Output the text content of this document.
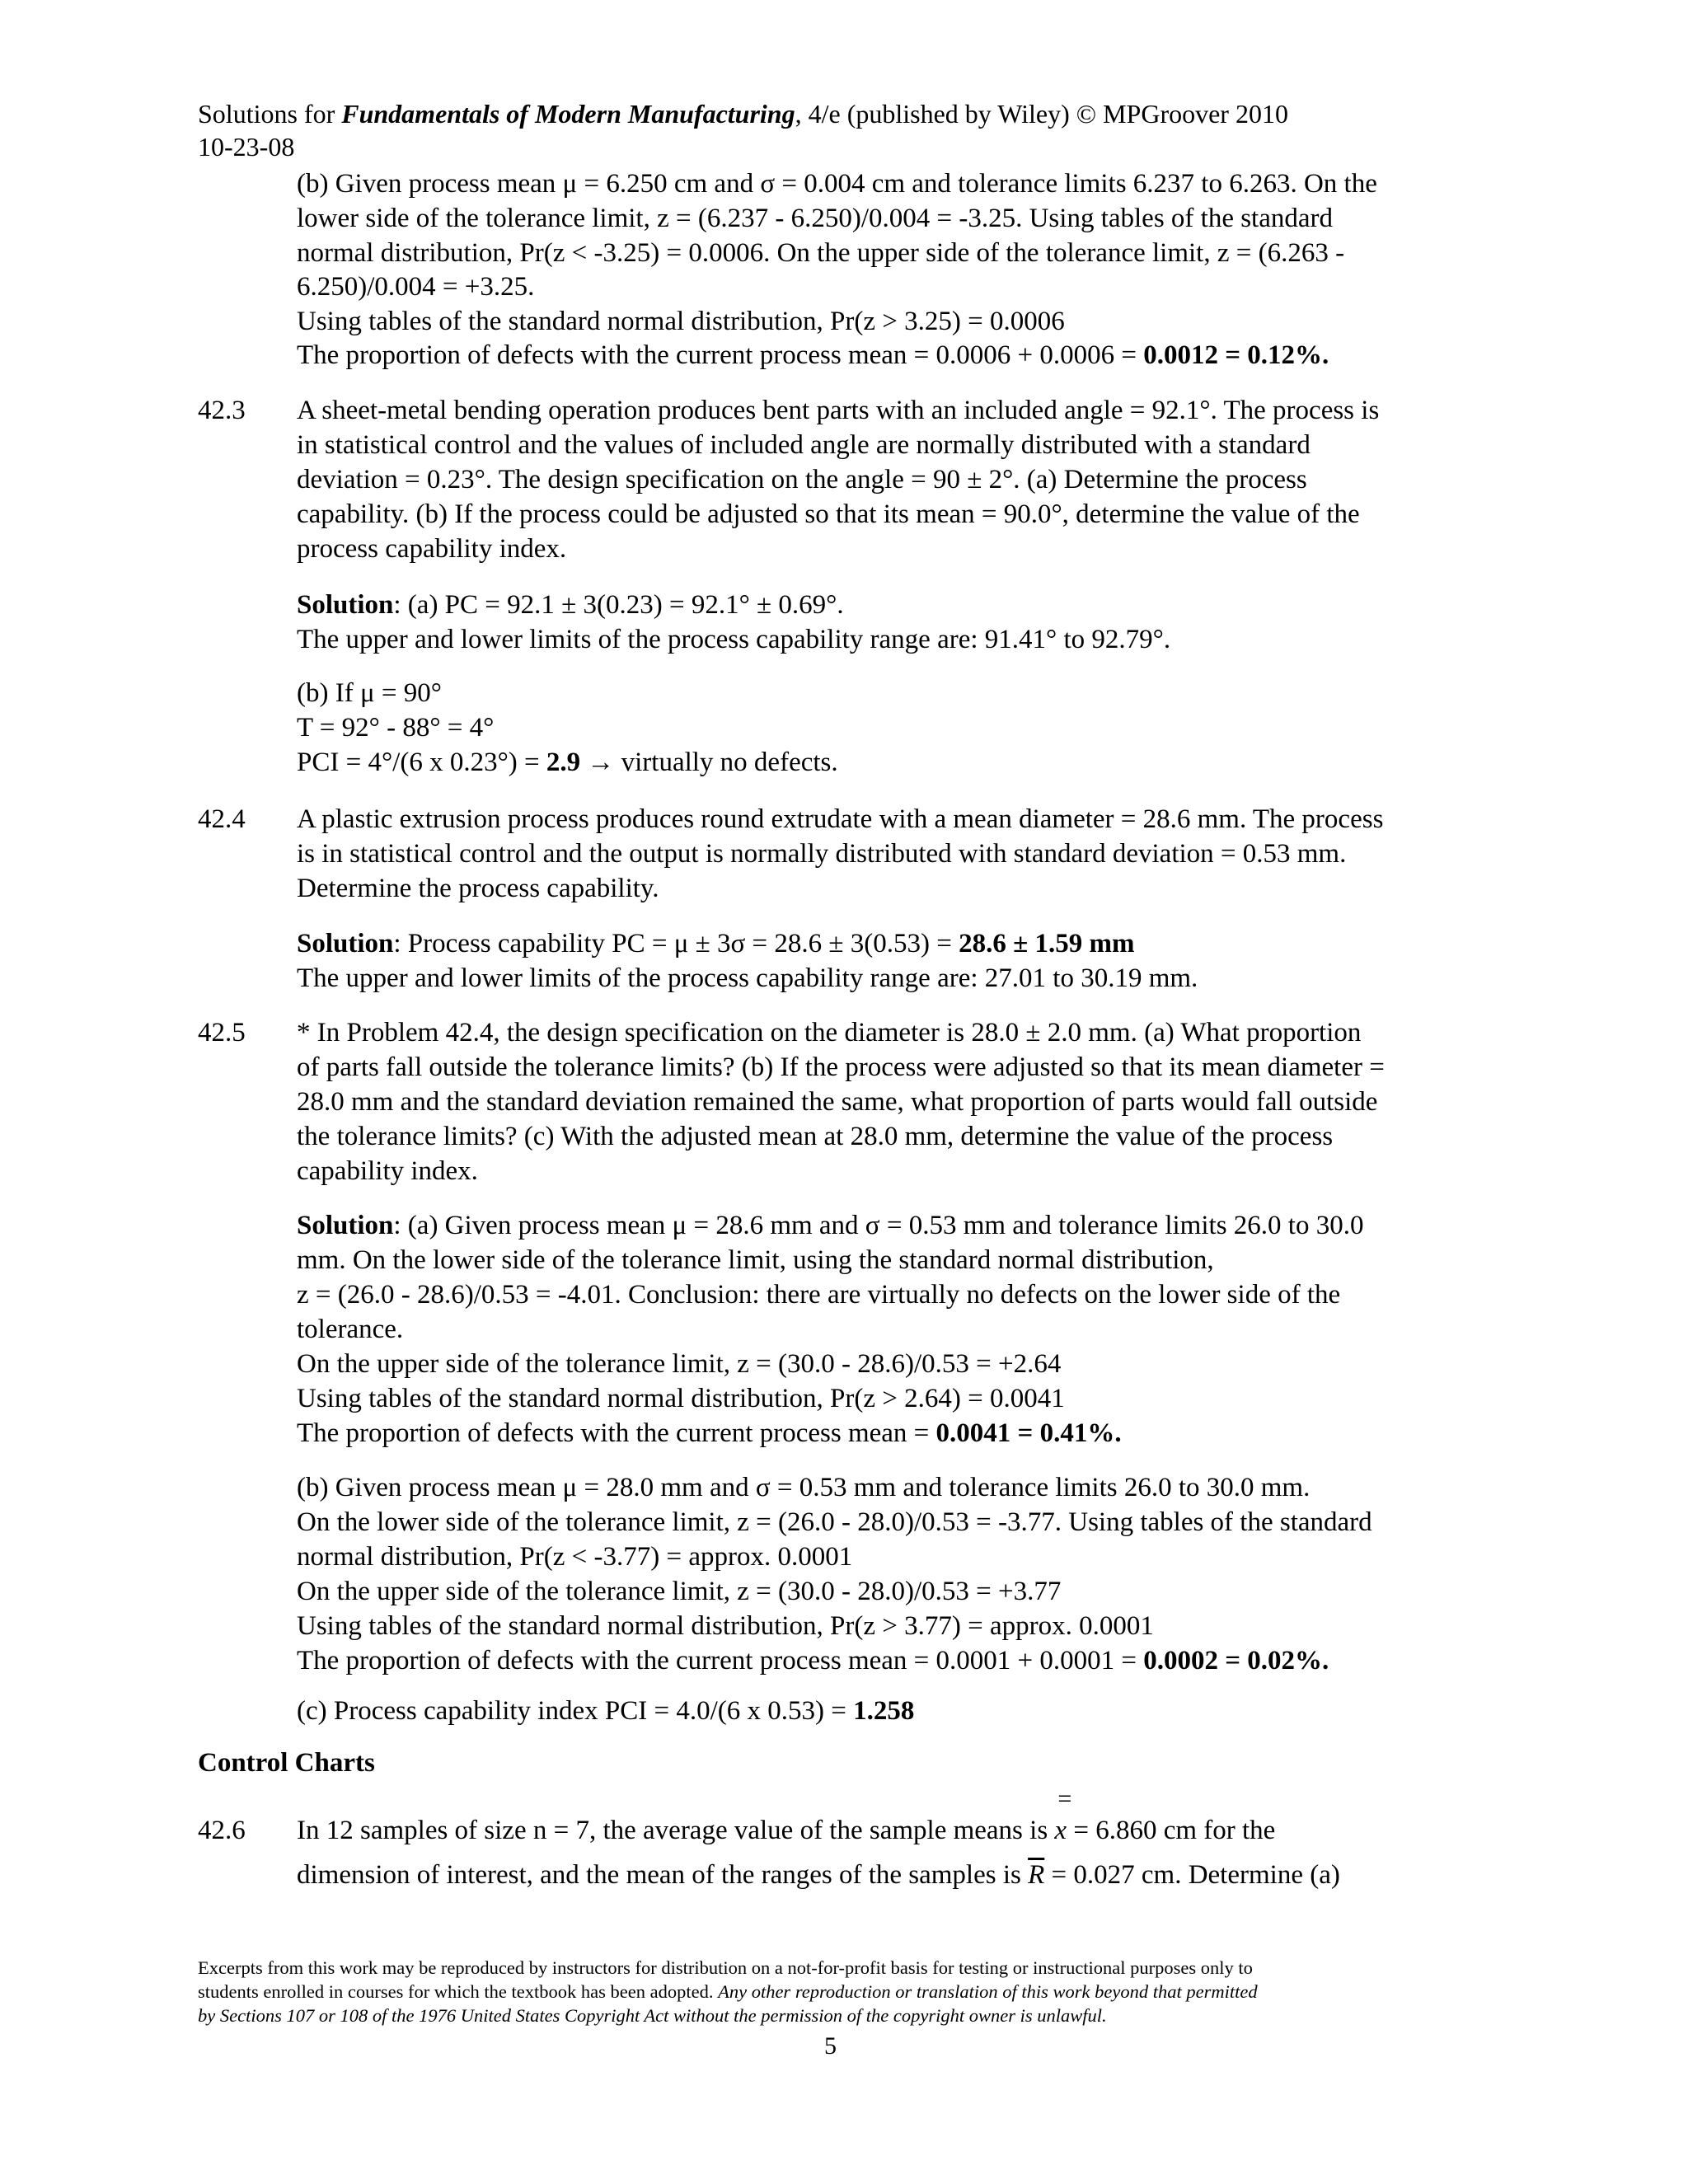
Solutions for Fundamentals of Modern Manufacturing, 4/e (published by Wiley) © MPGroover 2010
10-23-08
(b) Given process mean μ = 6.250 cm and σ = 0.004 cm and tolerance limits 6.237 to 6.263. On the
lower side of the tolerance limit, z = (6.237 - 6.250)/0.004 = -3.25. Using tables of the standard
normal distribution, Pr(z < -3.25) = 0.0006. On the upper side of the tolerance limit, z = (6.263 -
6.250)/0.004 = +3.25.
Using tables of the standard normal distribution, Pr(z > 3.25) = 0.0006
The proportion of defects with the current process mean = 0.0006 + 0.0006 = 0.0012 = 0.12%.
42.3 A sheet-metal bending operation produces bent parts with an included angle = 92.1°. The process is
in statistical control and the values of included angle are normally distributed with a standard
deviation = 0.23°. The design specification on the angle = 90 ± 2°. (a) Determine the process
capability. (b) If the process could be adjusted so that its mean = 90.0°, determine the value of the
process capability index.
Solution: (a) PC = 92.1 ± 3(0.23) = 92.1° ± 0.69°.
The upper and lower limits of the process capability range are: 91.41° to 92.79°.
(b) If μ = 90°
T = 92° - 88° = 4°
PCI = 4°/(6 x 0.23°) = 2.9 → virtually no defects.
42.4 A plastic extrusion process produces round extrudate with a mean diameter = 28.6 mm. The process
is in statistical control and the output is normally distributed with standard deviation = 0.53 mm.
Determine the process capability.
Solution: Process capability PC = μ ± 3σ = 28.6 ± 3(0.53) = 28.6 ± 1.59 mm
The upper and lower limits of the process capability range are: 27.01 to 30.19 mm.
42.5 * In Problem 42.4, the design specification on the diameter is 28.0 ± 2.0 mm. (a) What proportion
of parts fall outside the tolerance limits? (b) If the process were adjusted so that its mean diameter =
28.0 mm and the standard deviation remained the same, what proportion of parts would fall outside
the tolerance limits? (c) With the adjusted mean at 28.0 mm, determine the value of the process
capability index.
Solution: (a) Given process mean μ = 28.6 mm and σ = 0.53 mm and tolerance limits 26.0 to 30.0
mm. On the lower side of the tolerance limit, using the standard normal distribution,
z = (26.0 - 28.6)/0.53 = -4.01. Conclusion: there are virtually no defects on the lower side of the
tolerance.
On the upper side of the tolerance limit, z = (30.0 - 28.6)/0.53 = +2.64
Using tables of the standard normal distribution, Pr(z > 2.64) = 0.0041
The proportion of defects with the current process mean = 0.0041 = 0.41%.
(b) Given process mean μ = 28.0 mm and σ = 0.53 mm and tolerance limits 26.0 to 30.0 mm.
On the lower side of the tolerance limit, z = (26.0 - 28.0)/0.53 = -3.77. Using tables of the standard
normal distribution, Pr(z < -3.77) = approx. 0.0001
On the upper side of the tolerance limit, z = (30.0 - 28.0)/0.53 = +3.77
Using tables of the standard normal distribution, Pr(z > 3.77) = approx. 0.0001
The proportion of defects with the current process mean = 0.0001 + 0.0001 = 0.0002 = 0.02%.
(c) Process capability index PCI = 4.0/(6 x 0.53) = 1.258
Control Charts
42.6 In 12 samples of size n = 7, the average value of the sample means is
=
x = 6.860 cm for the
dimension of interest, and the mean of the ranges of the samples is $\overline{R} = 0.027$ cm. Determine (a)
Excerpts from this work may be reproduced by instructors for distribution on a not-for-profit basis for testing or instructional purposes only to
students enrolled in courses for which the textbook has been adopted. Any other reproduction or translation of this work beyond that permitted
by Sections 107 or 108 of the 1976 United States Copyright Act without the permission of the copyright owner is unlawful.
5
